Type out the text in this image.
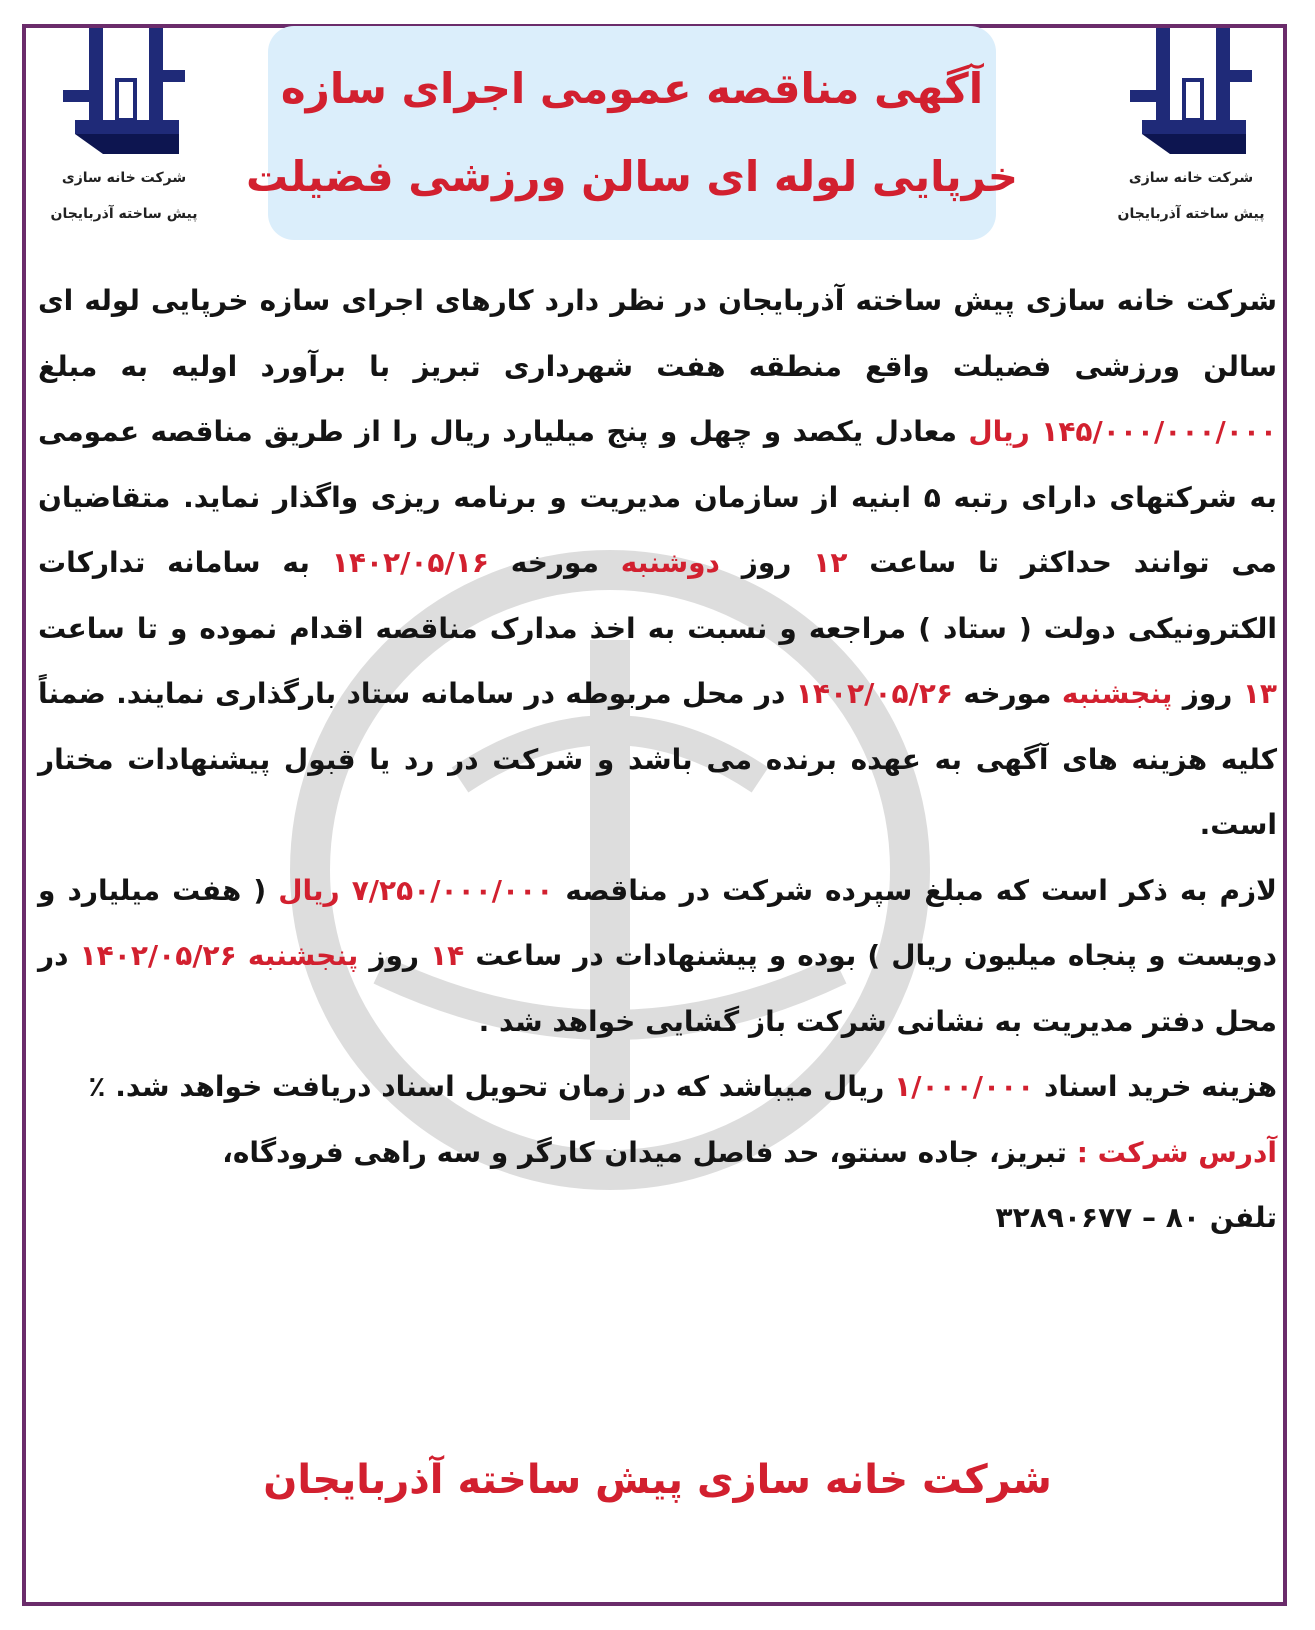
شرکت خانه سازی
پیش ساخته آذربایجان
شرکت خانه سازی
پیش ساخته آذربایجان
آگهی مناقصه عمومی اجرای سازه
خرپایی لوله ای سالن ورزشی فضیلت

شرکت خانه سازی پیش ساخته آذربایجان در نظر دارد کارهای اجرای سازه خرپایی لوله ای سالن ورزشی فضیلت واقع منطقه هفت شهرداری تبریز با برآورد اولیه به مبلغ ۱۴۵/۰۰۰/۰۰۰/۰۰۰ ریال معادل یکصد و چهل و پنج میلیارد ریال را از طریق مناقصه عمومی به شرکتهای دارای رتبه ۵ ابنیه از سازمان مدیریت و برنامه ریزی واگذار نماید. متقاضیان می توانند حداکثر تا ساعت ۱۲ روز دوشنبه مورخه ۱۴۰۲/۰۵/۱۶ به سامانه تدارکات الکترونیکی دولت ( ستاد ) مراجعه و نسبت به اخذ مدارک مناقصه اقدام نموده و تا ساعت ۱۳ روز پنجشنبه مورخه ۱۴۰۲/۰۵/۲۶ در محل مربوطه در سامانه ستاد بارگذاری نمایند. ضمناً کلیه هزینه های آگهی به عهده برنده می باشد و شرکت در رد یا قبول پیشنهادات مختار است.

لازم به ذکر است که مبلغ سپرده شرکت در مناقصه ۷/۲۵۰/۰۰۰/۰۰۰ ریال ( هفت میلیارد و دویست و پنجاه میلیون ریال ) بوده و پیشنهادات در ساعت ۱۴ روز پنجشنبه ۱۴۰۲/۰۵/۲۶ در محل دفتر مدیریت به نشانی شرکت باز گشایی خواهد شد .

هزینه خرید اسناد ۱/۰۰۰/۰۰۰ ریال میباشد که در زمان تحویل اسناد دریافت خواهد شد. ٪

آدرس شرکت : تبریز، جاده سنتو، حد فاصل میدان کارگر و سه راهی فرودگاه،

تلفن ۸۰ – ۳۲۸۹۰۶۷۷

شرکت خانه سازی پیش ساخته آذربایجان
